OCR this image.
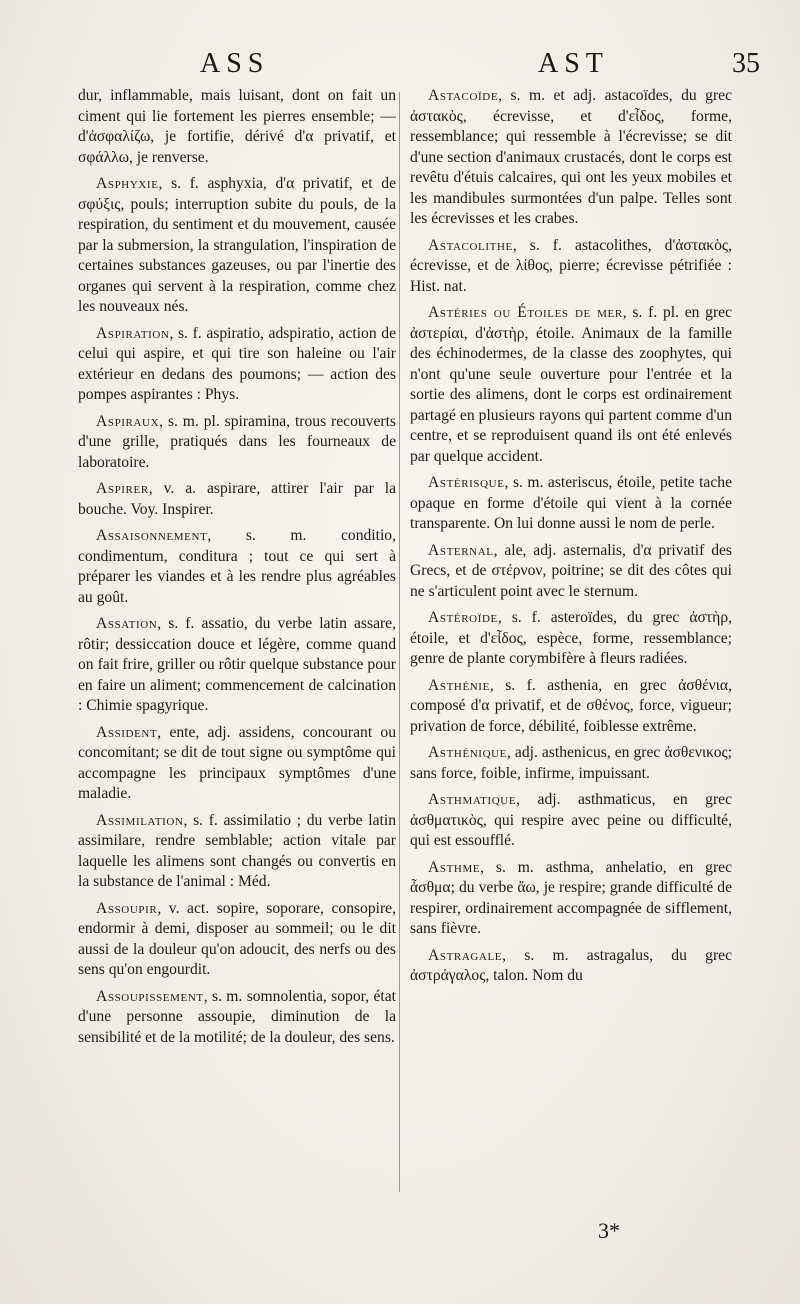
ASS	AST	35

dur, inflammable, mais luisant, dont on fait un ciment qui lie fortement les pierres ensemble; — d'ἀσφαλίζω, je fortifie, dérivé d'α privatif, et σφάλλω, je renverse.

Asphyxie, s. f. asphyxia, d'α privatif, et de σφύξις, pouls; interruption subite du pouls, de la respiration, du sentiment et du mouvement, causée par la submersion, la strangulation, l'inspiration de certaines substances gazeuses, ou par l'inertie des organes qui servent à la respiration, comme chez les nouveaux nés.

Aspiration, s. f. aspiratio, adspiratio, action de celui qui aspire, et qui tire son haleine ou l'air extérieur en dedans des poumons; — action des pompes aspirantes : Phys.

Aspiraux, s. m. pl. spiramina, trous recouverts d'une grille, pratiqués dans les fourneaux de laboratoire.

Aspirer, v. a. aspirare, attirer l'air par la bouche. Voy. Inspirer.

Assaisonnement, s. m. conditio, condimentum, conditura ; tout ce qui sert à préparer les viandes et à les rendre plus agréables au goût.

Assation, s. f. assatio, du verbe latin assare, rôtir; dessiccation douce et légère, comme quand on fait frire, griller ou rôtir quelque substance pour en faire un aliment; commencement de calcination : Chimie spagyrique.

Assident, ente, adj. assidens, concourant ou concomitant; se dit de tout signe ou symptôme qui accompagne les principaux symptômes d'une maladie.

Assimilation, s. f. assimilatio ; du verbe latin assimilare, rendre semblable; action vitale par laquelle les alimens sont changés ou convertis en la substance de l'animal : Méd.

Assoupir, v. act. sopire, soporare, consopire, endormir à demi, disposer au sommeil; ou le dit aussi de la douleur qu'on adoucit, des nerfs ou des sens qu'on engourdit.

Assoupissement, s. m. somnolentia, sopor, état d'une personne assoupie, diminution de la sensibilité et de la motilité; de la douleur, des sens.

Astacoïde, s. m. et adj. astacoïdes, du grec ἀστακὸς, écrevisse, et d'εἶδος, forme, ressemblance; qui ressemble à l'écrevisse; se dit d'une section d'animaux crustacés, dont le corps est revêtu d'étuis calcaires, qui ont les yeux mobiles et les mandibules surmontées d'un palpe. Telles sont les écrevisses et les crabes.

Astacolithe, s. f. astacolithes, d'ἀστακὸς, écrevisse, et de λίθος, pierre; écrevisse pétrifiée : Hist. nat.

Astéries ou Étoiles de mer, s. f. pl. en grec ἀστερίαι, d'ἀστὴρ, étoile. Animaux de la famille des échinodermes, de la classe des zoophytes, qui n'ont qu'une seule ouverture pour l'entrée et la sortie des alimens, dont le corps est ordinairement partagé en plusieurs rayons qui partent comme d'un centre, et se reproduisent quand ils ont été enlevés par quelque accident.

Astérisque, s. m. asteriscus, étoile, petite tache opaque en forme d'étoile qui vient à la cornée transparente. On lui donne aussi le nom de perle.

Asternal, ale, adj. asternalis, d'α privatif des Grecs, et de στέρνον, poitrine; se dit des côtes qui ne s'articulent point avec le sternum.

Astéroïde, s. f. asteroïdes, du grec ἀστὴρ, étoile, et d'εἶδος, espèce, forme, ressemblance; genre de plante corymbifère à fleurs radiées.

Asthénie, s. f. asthenia, en grec ἀσθένια, composé d'α privatif, et de σθένος, force, vigueur; privation de force, débilité, foiblesse extrême.

Asthénique, adj. asthenicus, en grec ἀσθενικος; sans force, foible, infirme, impuissant.

Asthmatique, adj. asthmaticus, en grec ἀσθματικὸς, qui respire avec peine ou difficulté, qui est essoufflé.

Asthme, s. m. asthma, anhelatio, en grec ἆσθμα; du verbe ἄω, je respire; grande difficulté de respirer, ordinairement accompagnée de sifflement, sans fièvre.

Astragale, s. m. astragalus, du grec ἀστράγαλος, talon. Nom du

3*
